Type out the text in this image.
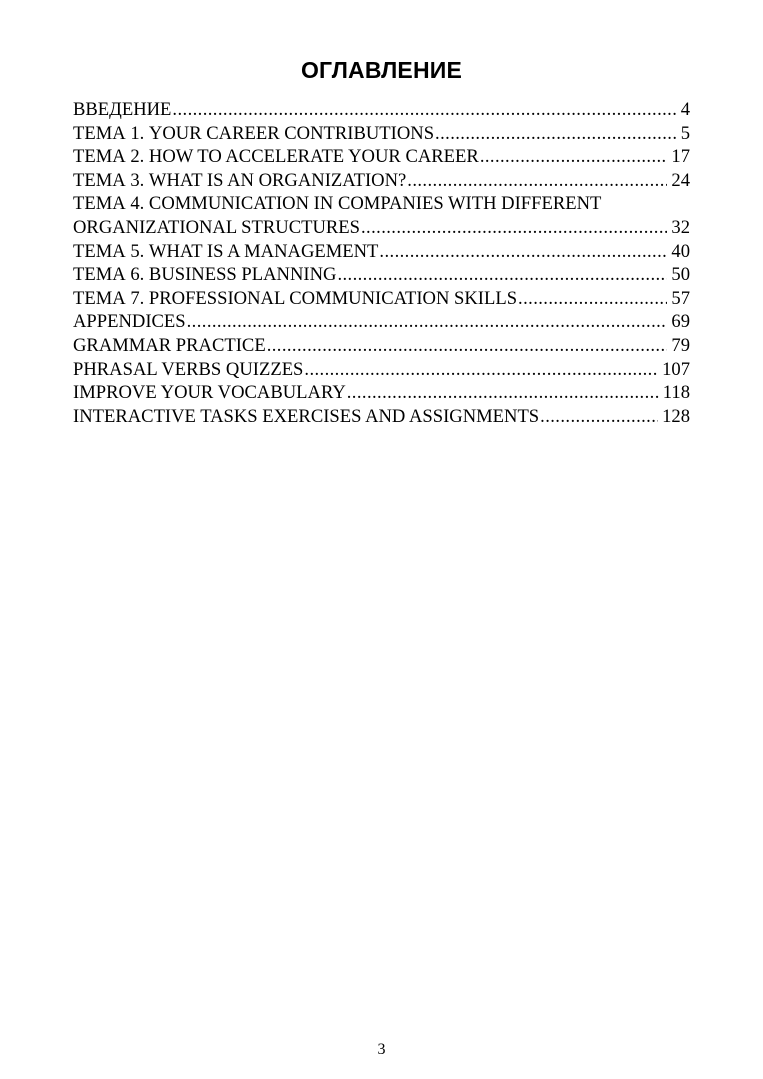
ОГЛАВЛЕНИЕ
ВВЕДЕНИЕ .....	4
ТЕМА 1. YOUR CAREER CONTRIBUTIONS .....	5
ТЕМА 2. HOW TO ACCELERATE YOUR CAREER .....	17
ТЕМА 3. WHAT IS AN ORGANIZATION? .....	24
ТЕМА 4. COMMUNICATION IN COMPANIES WITH DIFFERENT
ORGANIZATIONAL STRUCTURES .....	32
ТЕМА 5. WHAT IS A MANAGEMENT .....	40
ТЕМА 6. BUSINESS PLANNING .....	50
ТЕМА 7. PROFESSIONAL COMMUNICATION SKILLS .....	57
APPENDICES .....	69
GRAMMAR PRACTICE .....	79
PHRASAL VERBS QUIZZES .....	107
IMPROVE YOUR VOCABULARY .....	118
INTERACTIVE TASKS EXERCISES AND ASSIGNMENTS .....	128
3
